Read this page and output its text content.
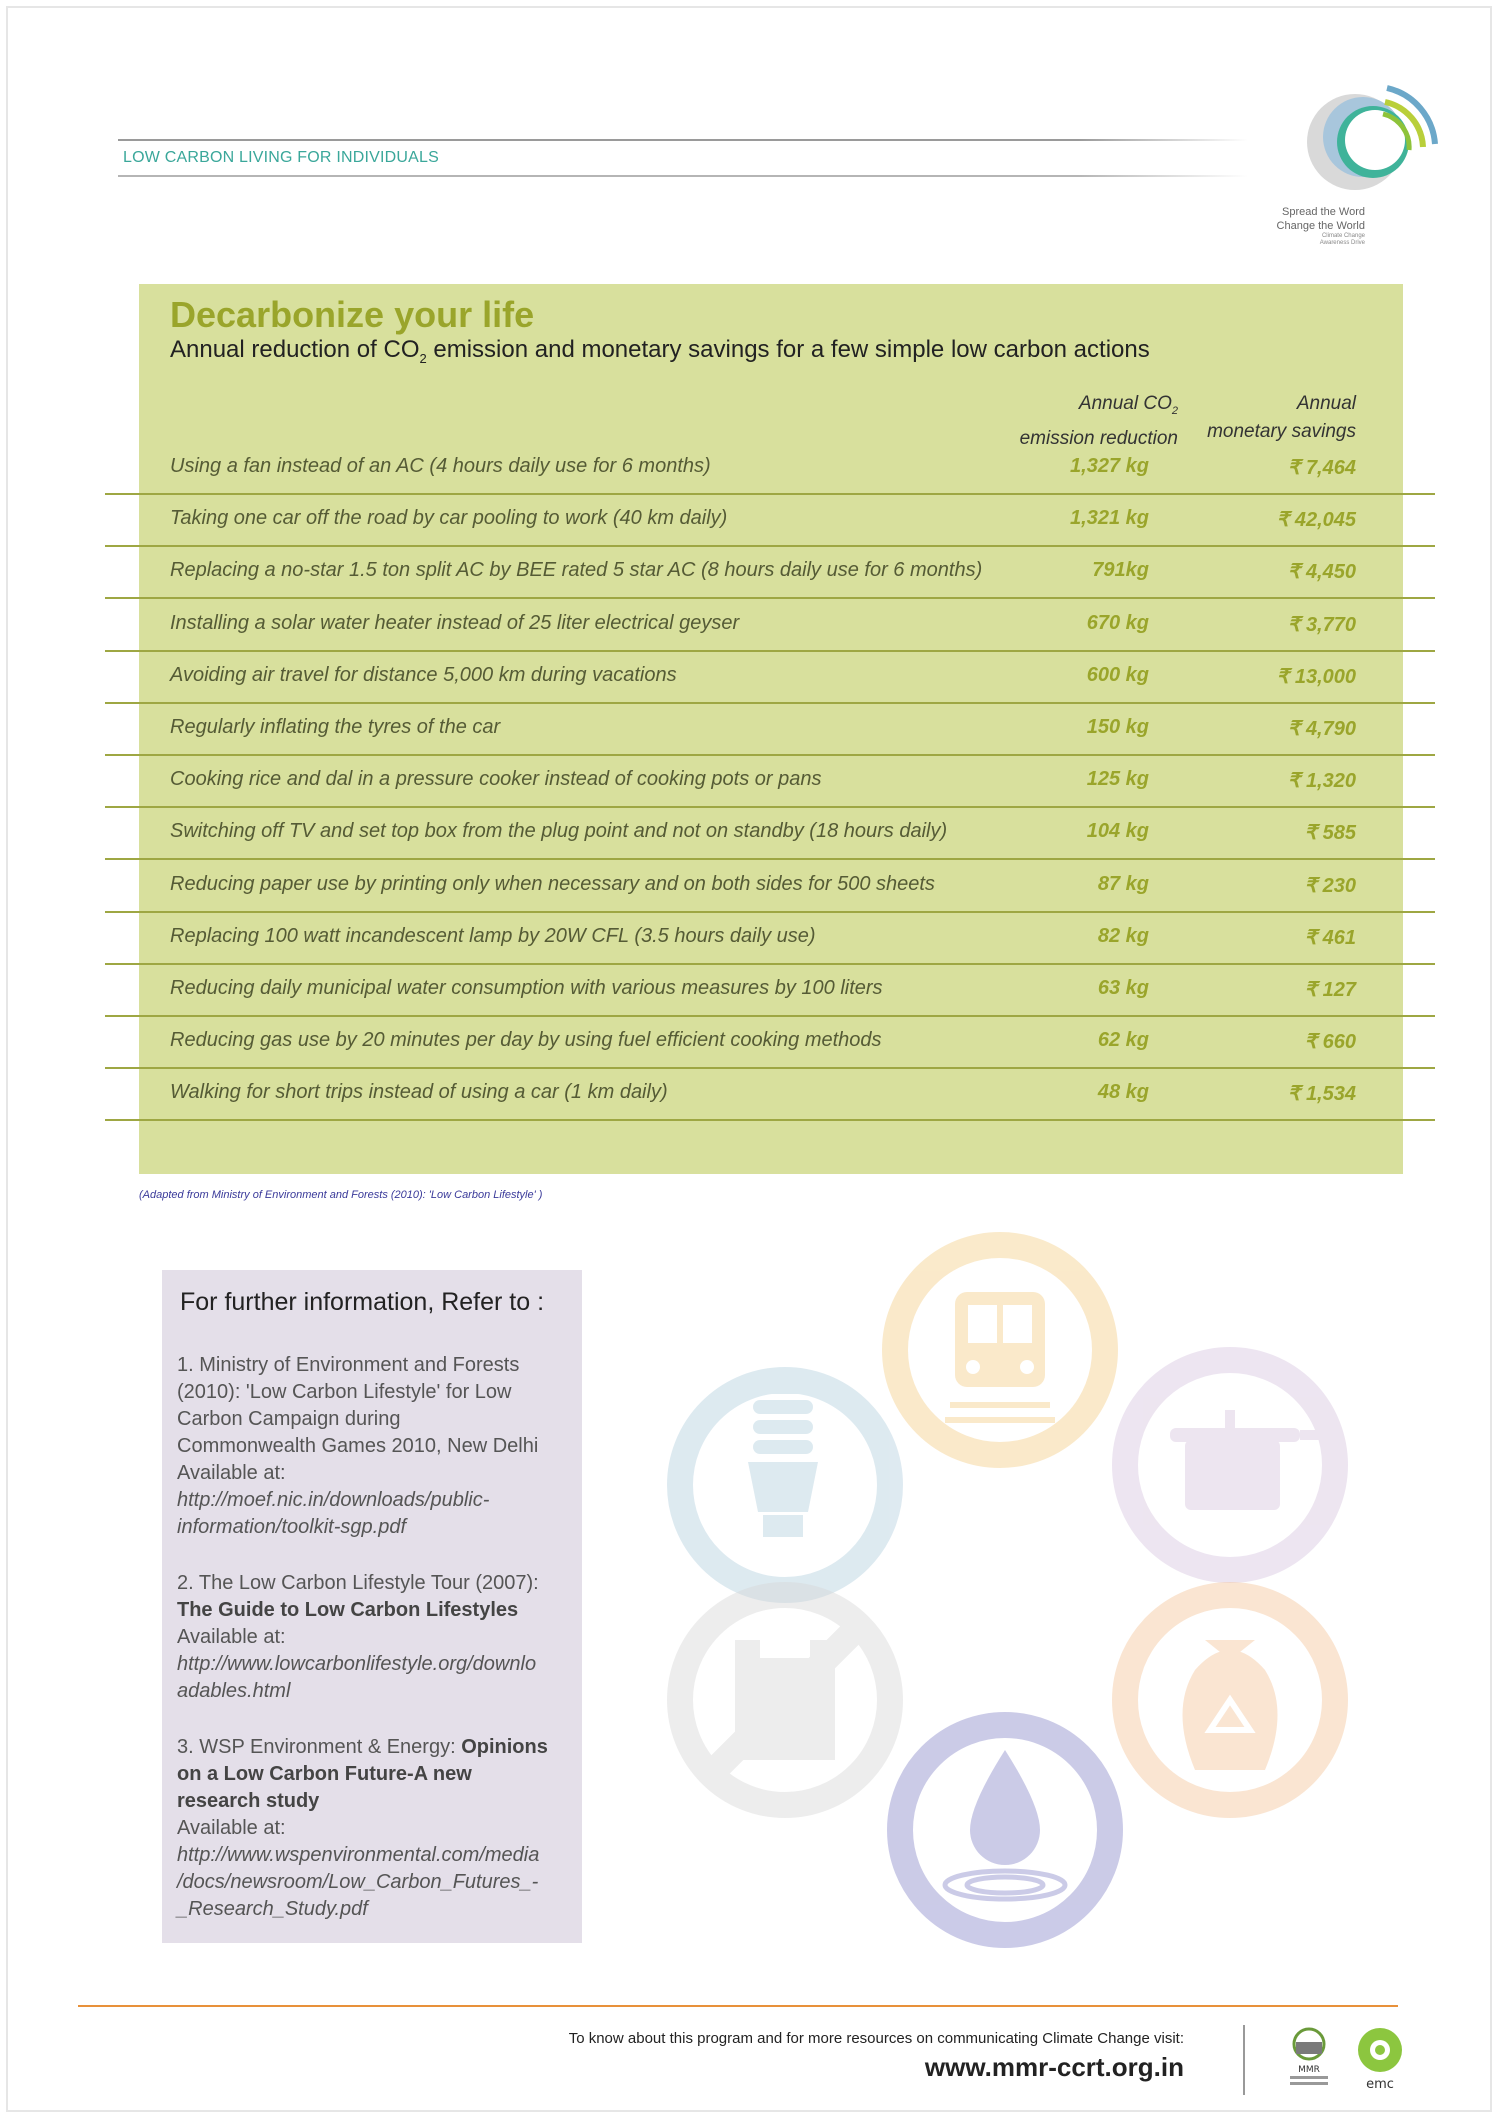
LOW CARBON LIVING FOR INDIVIDUALS
Spread the Word
Change the World
Climate Change
Awareness Drive
Decarbonize your life
Annual reduction of $CO_2$ emission and monetary savings for a few simple low carbon actions
Annual $CO_2$
emission reduction
Annual
monetary savings
Using a fan instead of an AC (4 hours daily use for 6 months)	1,327 kg	₹ 7,464
Taking one car off the road by car pooling to work (40 km daily)	1,321 kg	₹ 42,045
Replacing a no-star 1.5 ton split AC by BEE rated 5 star AC (8 hours daily use for 6 months)	791kg	₹ 4,450
Installing a solar water heater instead of 25 liter electrical geyser	670 kg	₹ 3,770
Avoiding air travel for distance 5,000 km during vacations	600 kg	₹ 13,000
Regularly inflating the tyres of the car	150 kg	₹ 4,790
Cooking rice and dal in a pressure cooker instead of cooking pots or pans	125 kg	₹ 1,320
Switching off TV and set top box from the plug point and not on standby (18 hours daily)	104 kg	₹ 585
Reducing paper use by printing only when necessary and on both sides for 500 sheets	87 kg	₹ 230
Replacing 100 watt incandescent lamp by 20W CFL (3.5 hours daily use)	82 kg	₹ 461
Reducing daily municipal water consumption with various measures by 100 liters	63 kg	₹ 127
Reducing gas use by 20 minutes per day by using fuel efficient cooking methods	62 kg	₹ 660
Walking for short trips instead of using a car (1 km daily)	48 kg	₹ 1,534
(Adapted from Ministry of Environment and Forests (2010): 'Low Carbon Lifestyle' )
For further information, Refer to :
1. Ministry of Environment and Forests
(2010): 'Low Carbon Lifestyle' for Low
Carbon Campaign during
Commonwealth Games 2010, New Delhi
Available at:
http://moef.nic.in/downloads/public-
information/toolkit-sgp.pdf
2. The Low Carbon Lifestyle Tour (2007):
The Guide to Low Carbon Lifestyles
Available at:
http://www.lowcarbonlifestyle.org/downlo
adables.html
3. WSP Environment & Energy: Opinions
on a Low Carbon Future-A new
research study
Available at:
http://www.wspenvironmental.com/media
/docs/newsroom/Low_Carbon_Futures_-
_Research_Study.pdf
To know about this program and for more resources on communicating Climate Change visit:
www.mmr-ccrt.org.in	MMR
emc
